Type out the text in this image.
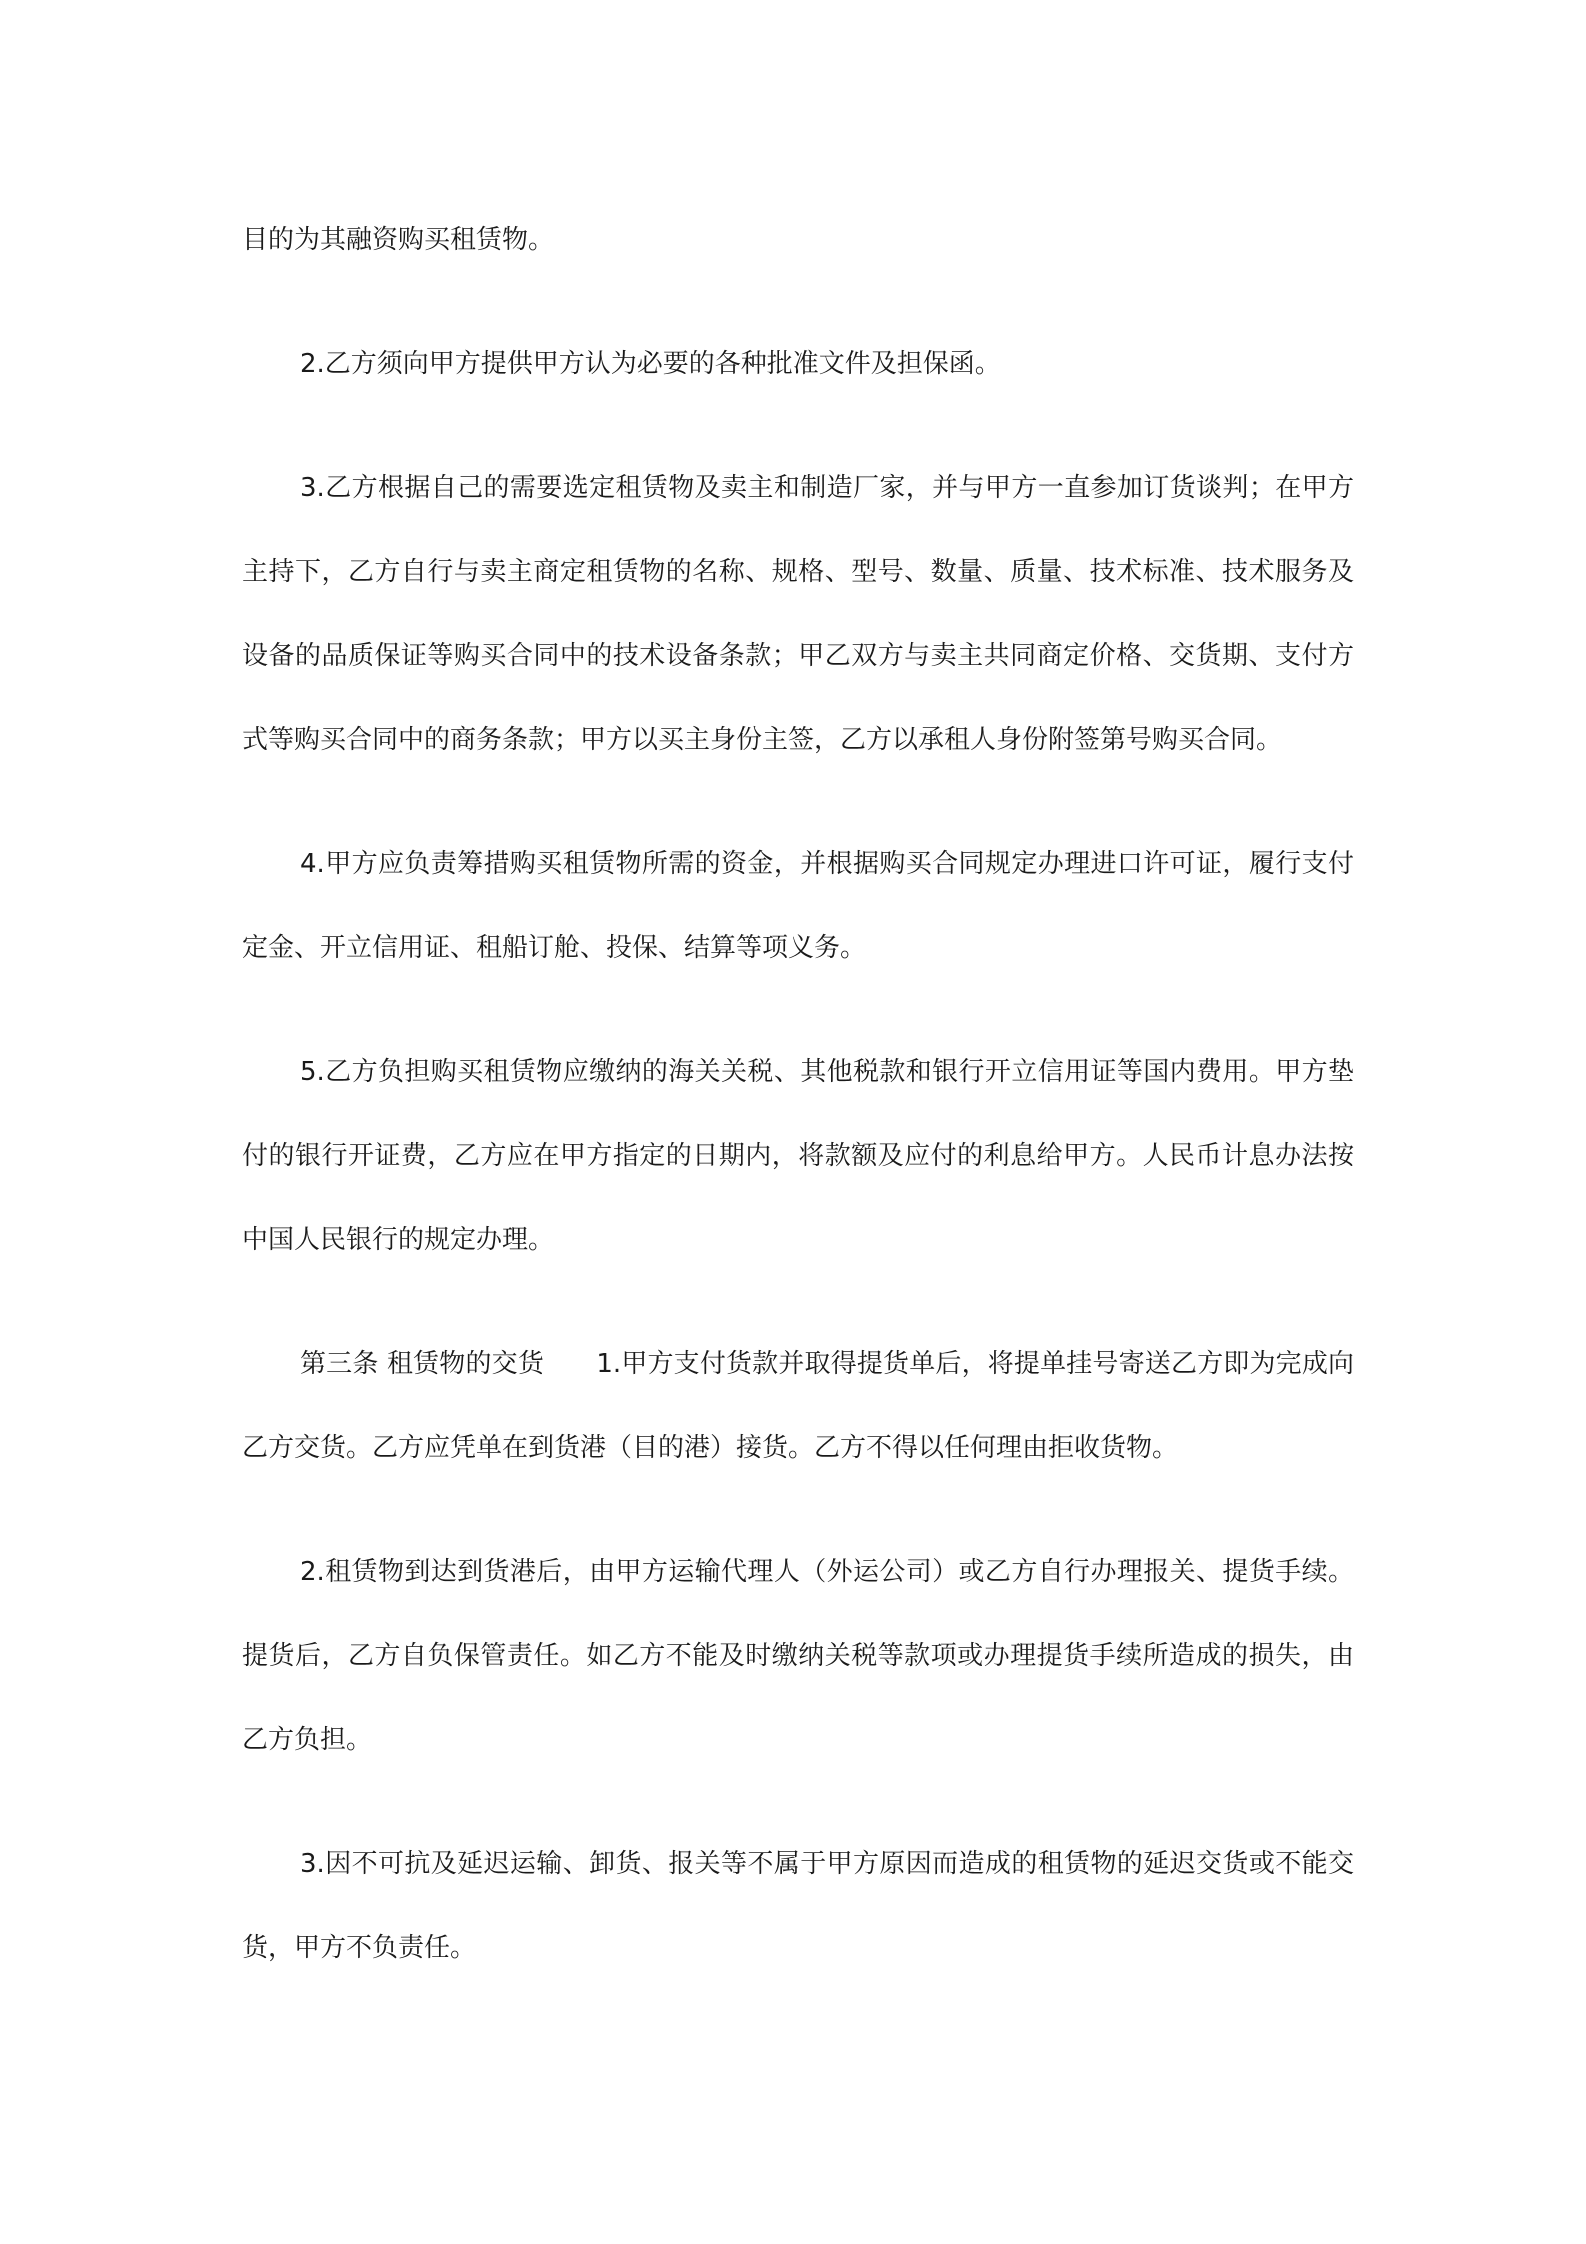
目的为其融资购买租赁物。

2.乙方须向甲方提供甲方认为必要的各种批准文件及担保函。

3.乙方根据自己的需要选定租赁物及卖主和制造厂家，并与甲方一直参加订货谈判；在甲方主持下，乙方自行与卖主商定租赁物的名称、规格、型号、数量、质量、技术标准、技术服务及设备的品质保证等购买合同中的技术设备条款；甲乙双方与卖主共同商定价格、交货期、支付方式等购买合同中的商务条款；甲方以买主身份主签，乙方以承租人身份附签第号购买合同。

4.甲方应负责筹措购买租赁物所需的资金，并根据购买合同规定办理进口许可证，履行支付定金、开立信用证、租船订舱、投保、结算等项义务。

5.乙方负担购买租赁物应缴纳的海关关税、其他税款和银行开立信用证等国内费用。甲方垫付的银行开证费，乙方应在甲方指定的日期内，将款额及应付的利息给甲方。人民币计息办法按中国人民银行的规定办理。

第三条 租赁物的交货　　1.甲方支付货款并取得提货单后，将提单挂号寄送乙方即为完成向乙方交货。乙方应凭单在到货港（目的港）接货。乙方不得以任何理由拒收货物。

2.租赁物到达到货港后，由甲方运输代理人（外运公司）或乙方自行办理报关、提货手续。提货后，乙方自负保管责任。如乙方不能及时缴纳关税等款项或办理提货手续所造成的损失，由乙方负担。

3.因不可抗及延迟运输、卸货、报关等不属于甲方原因而造成的租赁物的延迟交货或不能交货，甲方不负责任。
